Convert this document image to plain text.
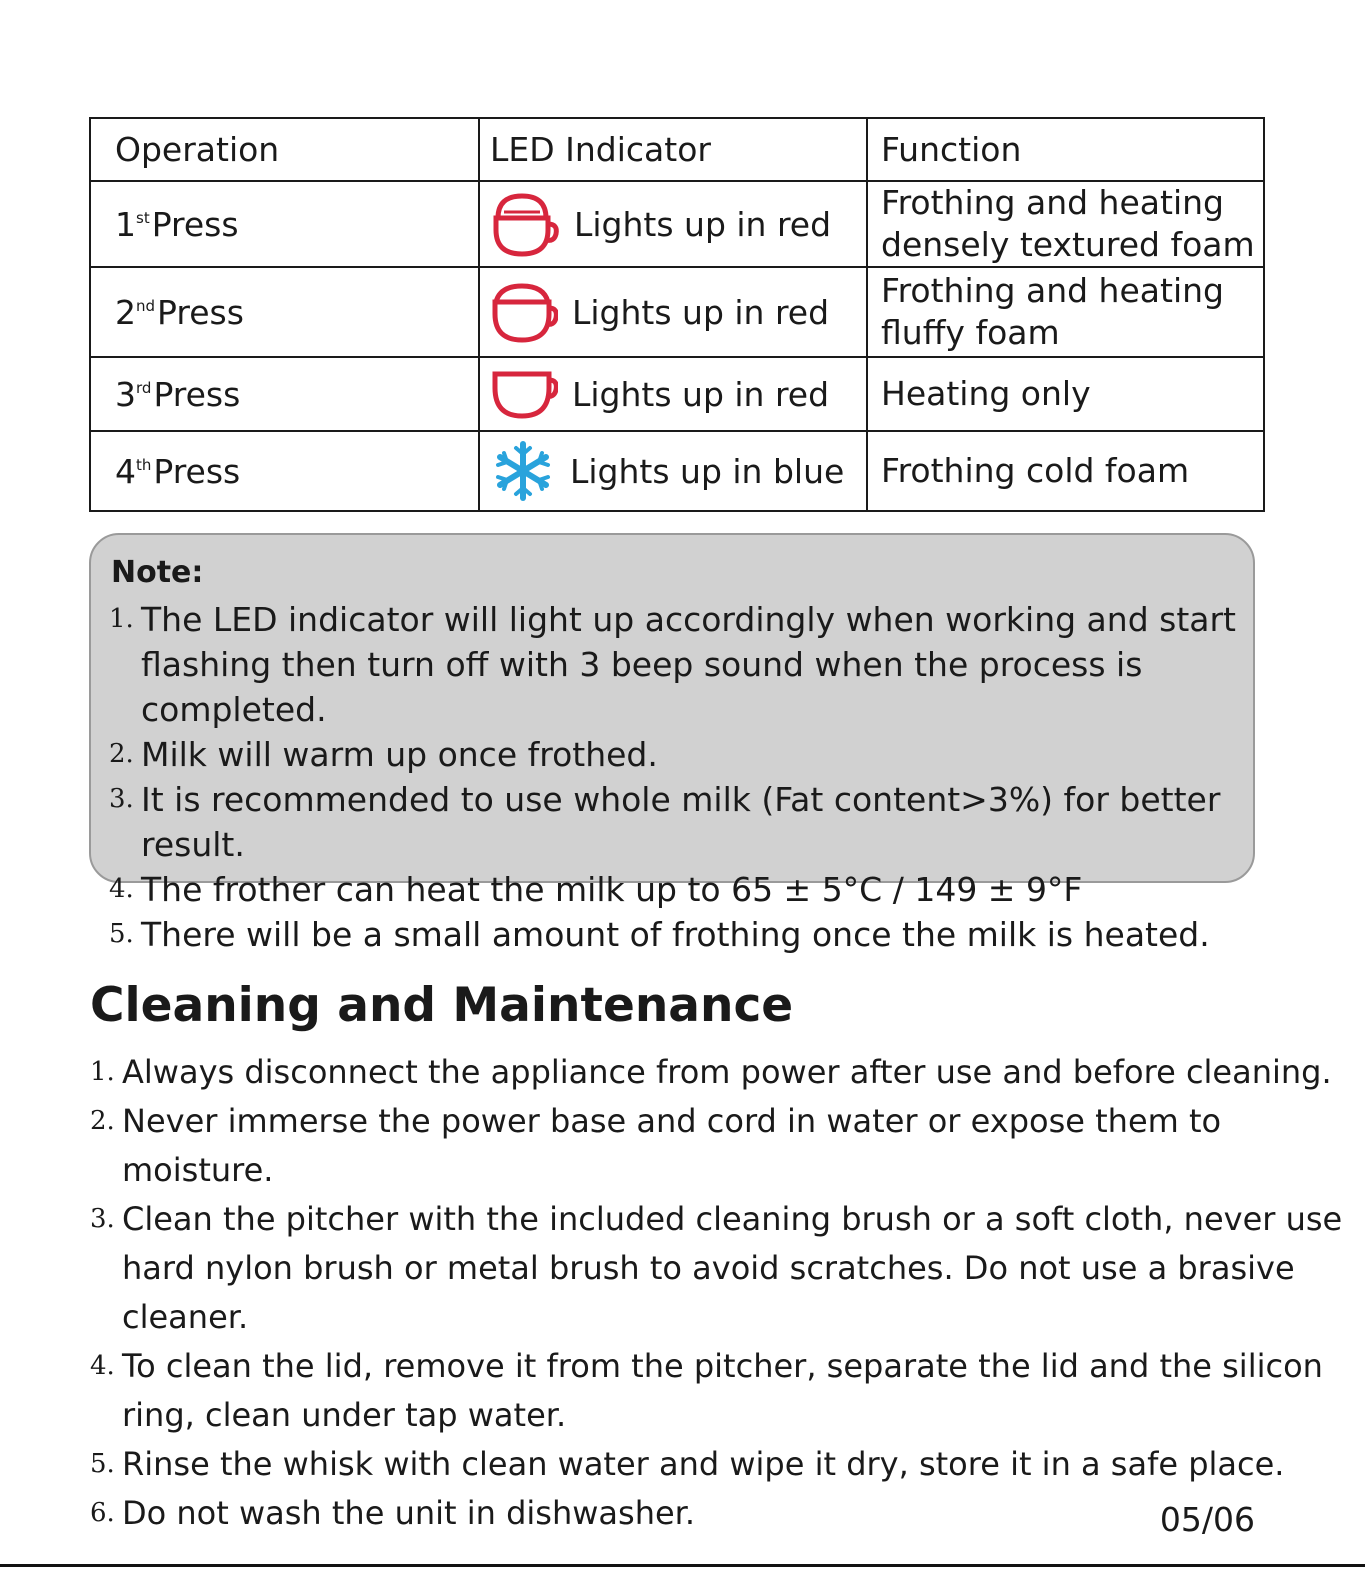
Operation	LED Indicator	Function
1stPress	Lights up in red	Frothing and heating
densely textured foam
2ndPress	Lights up in red	Frothing and heating
fluffy foam
3rdPress	Lights up in red	Heating only
4thPress	Lights up in blue	Frothing cold foam
Note:
1. The LED indicator will light up accordingly when working and start
flashing then turn off with 3 beep sound when the process is completed.
2. Milk will warm up once frothed.
3. It is recommended to use whole milk (Fat content>3%) for better result.
4. The frother can heat the milk up to 65 ± 5°C / 149 ± 9°F
5. There will be a small amount of frothing once the milk is heated.
Cleaning and Maintenance
1. Always disconnect the appliance from power after use and before cleaning.
2. Never immerse the power base and cord in water or expose them to moisture.
3. Clean the pitcher with the included cleaning brush or a soft cloth, never use
hard nylon brush or metal brush to avoid scratches. Do not use a brasive
cleaner.
4. To clean the lid, remove it from the pitcher, separate the lid and the silicon
ring, clean under tap water.
5. Rinse the whisk with clean water and wipe it dry, store it in a safe place.
6. Do not wash the unit in dishwasher.	05/06
